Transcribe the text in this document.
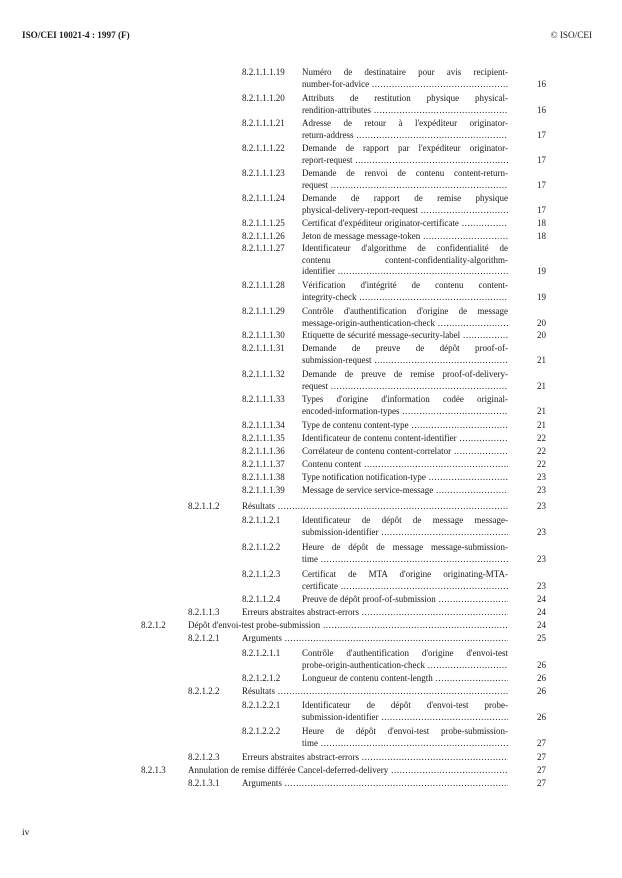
ISO/CEI 10021-4 : 1997 (F)	© ISO/CEI
8.2.1.1.1.19 Numéro de destinataire pour avis recipient-
number-for-advice .....	16
8.2.1.1.1.20 Attributs de restitution physique physical-
rendition-attributes .....	16
8.2.1.1.1.21 Adresse de retour à l'expéditeur originator-
return-address .....	17
8.2.1.1.1.22 Demande de rapport par l'expéditeur originator-
report-request .....	17
8.2.1.1.1.23 Demande de renvoi de contenu content-return-
request .....	17
8.2.1.1.1.24 Demande de rapport de remise physique
physical-delivery-report-request .....	17
8.2.1.1.1.25 Certificat d'expéditeur originator-certificate .....	18
8.2.1.1.1.26 Jeton de message message-token .....	18
8.2.1.1.1.27 Identificateur d'algorithme de confidentialité de
contenu content-confidentiality-algorithm-
identifier .....	19
8.2.1.1.1.28 Vérification d'intégrité de contenu content-
integrity-check .....	19
8.2.1.1.1.29 Contrôle d'authentification d'origine de message
message-origin-authentication-check .....	20
8.2.1.1.1.30 Etiquette de sécurité message-security-label .....	20
8.2.1.1.1.31 Demande de preuve de dépôt proof-of-
submission-request .....	21
8.2.1.1.1.32 Demande de preuve de remise proof-of-delivery-
request .....	21
8.2.1.1.1.33 Types d'origine d'information codée original-
encoded-information-types .....	21
8.2.1.1.1.34 Type de contenu content-type .....	21
8.2.1.1.1.35 Identificateur de contenu content-identifier .....	22
8.2.1.1.1.36 Corrélateur de contenu content-correlator .....	22
8.2.1.1.1.37 Contenu content .....	22
8.2.1.1.1.38 Type notification notification-type .....	23
8.2.1.1.1.39 Message de service service-message .....	23
8.2.1.1.2	Résultats .....	23
8.2.1.1.2.1 Identificateur de dépôt de message message-
submission-identifier .....	23
8.2.1.1.2.2 Heure de dépôt de message message-submission-
time .....	23
8.2.1.1.2.3 Certificat de MTA d'origine originating-MTA-
certificate .....	23
8.2.1.1.2.4 Preuve de dépôt proof-of-submission .....	24
8.2.1.1.3	Erreurs abstraites abstract-errors .....	24
8.2.1.2 Dépôt d'envoi-test probe-submission .....	24
8.2.1.2.1	Arguments .....	25
8.2.1.2.1.1 Contrôle d'authentification d'origine d'envoi-test
probe-origin-authentication-check .....	26
8.2.1.2.1.2 Longueur de contenu content-length .....	26
8.2.1.2.2	Résultats .....	26
8.2.1.2.2.1 Identificateur de dépôt d'envoi-test probe-
submission-identifier .....	26
8.2.1.2.2.2 Heure de dépôt d'envoi-test probe-submission-
time .....	27
8.2.1.2.3	Erreurs abstraites abstract-errors .....	27
8.2.1.3 Annulation de remise différée Cancel-deferred-delivery .....	27
8.2.1.3.1	Arguments .....	27
iv
